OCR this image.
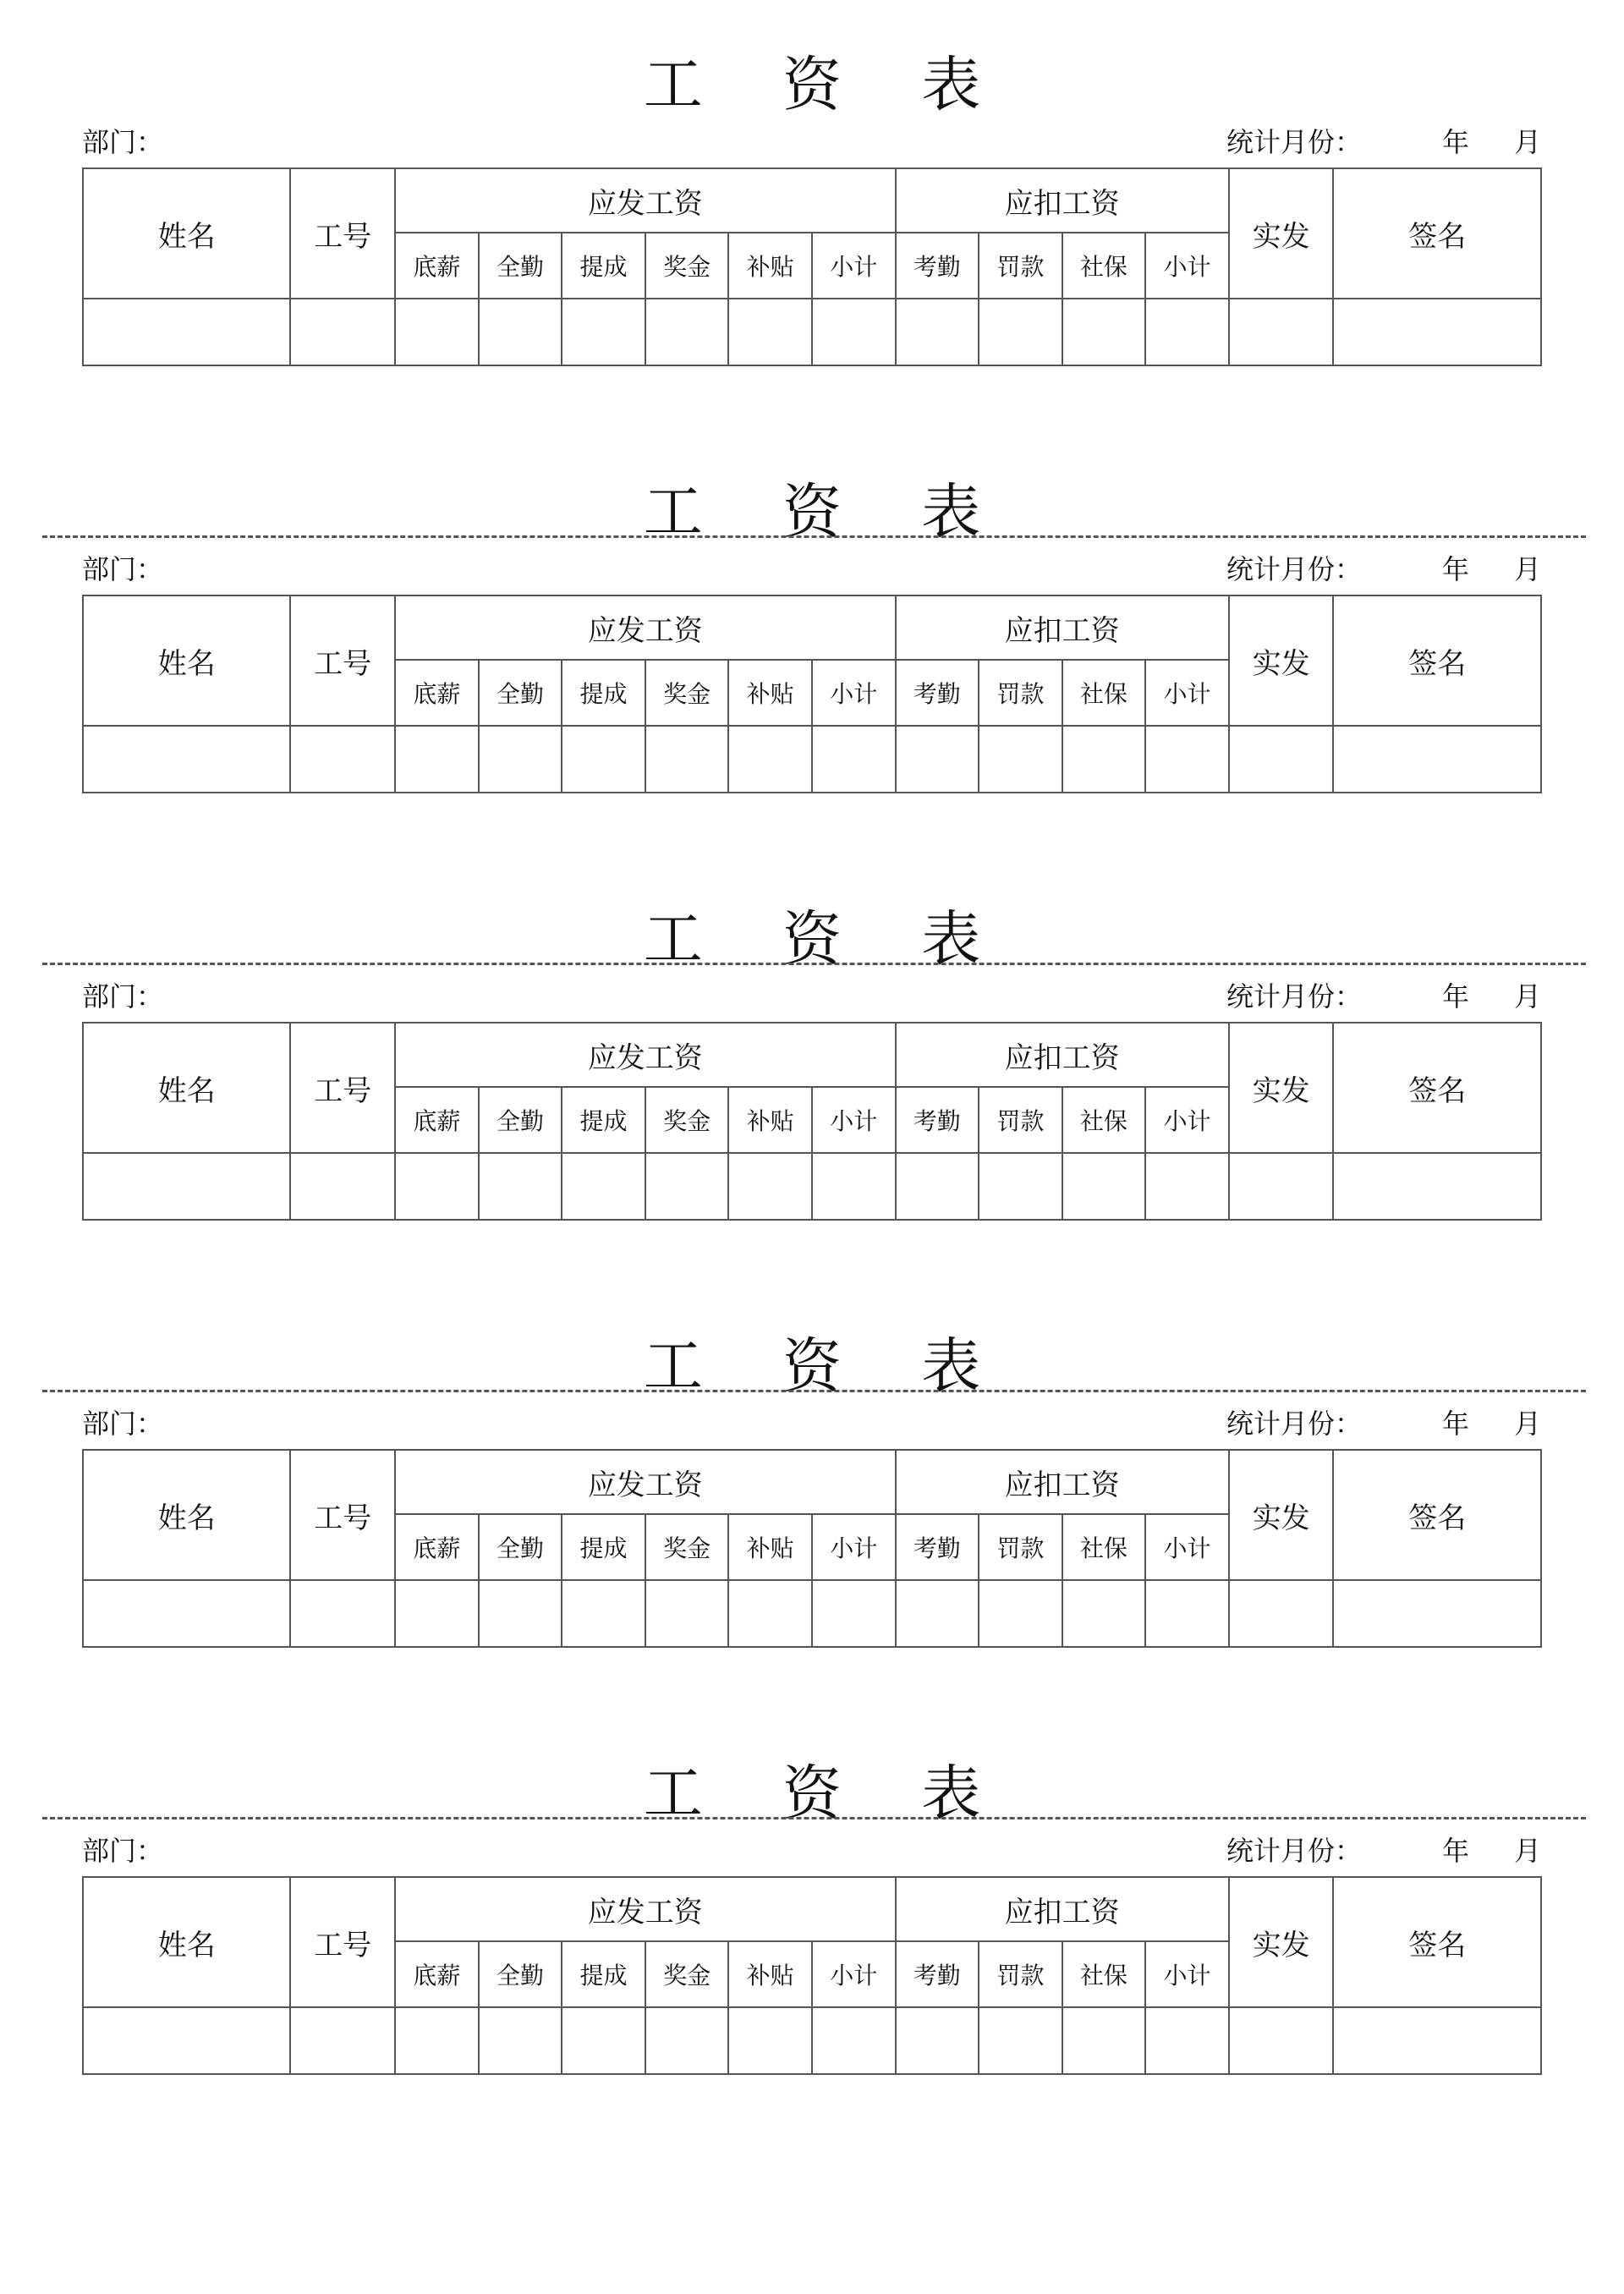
工 资 表
部门：	统计月份：	年 月
姓名	工号	应发工资						应扣工资				实发	签名
		底薪	全勤	提成	奖金	补贴	小计	考勤	罚款	社保	小计		

工 资 表
部门：	统计月份：	年 月
姓名	工号	应发工资						应扣工资				实发	签名
		底薪	全勤	提成	奖金	补贴	小计	考勤	罚款	社保	小计		

工 资 表
部门：	统计月份：	年 月
姓名	工号	应发工资						应扣工资				实发	签名
		底薪	全勤	提成	奖金	补贴	小计	考勤	罚款	社保	小计		

工 资 表
部门：	统计月份：	年 月
姓名	工号	应发工资						应扣工资				实发	签名
		底薪	全勤	提成	奖金	补贴	小计	考勤	罚款	社保	小计		

工 资 表
部门：	统计月份：	年 月
姓名	工号	应发工资						应扣工资				实发	签名
		底薪	全勤	提成	奖金	补贴	小计	考勤	罚款	社保	小计		
